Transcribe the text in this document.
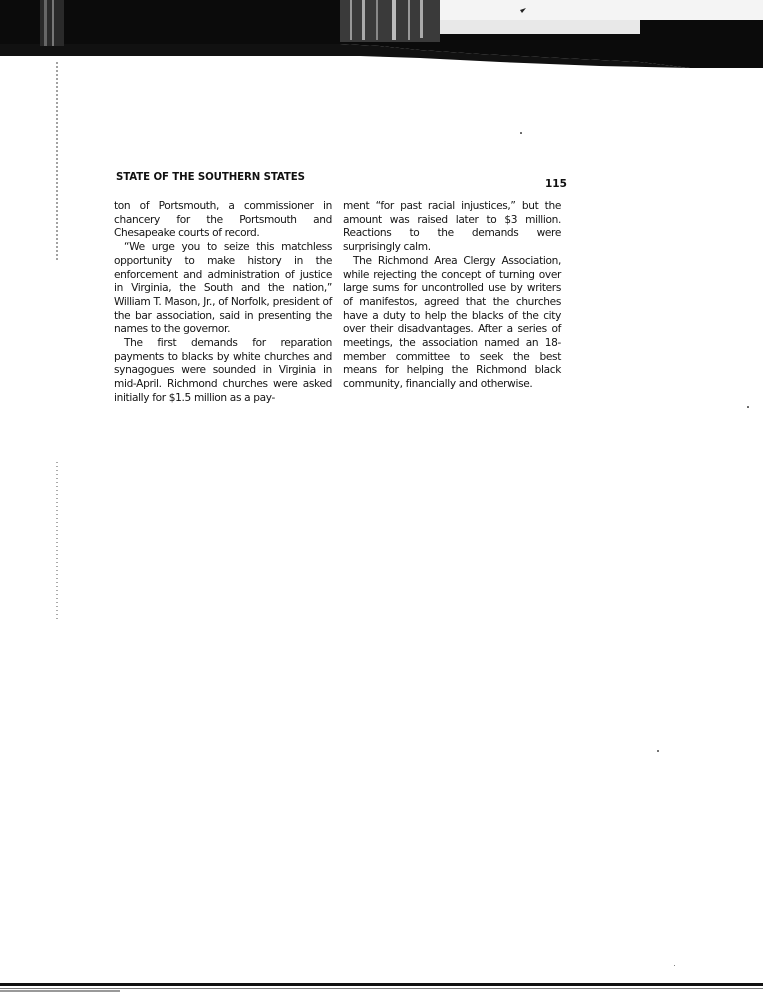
STATE OF THE SOUTHERN STATES
115

ton of Portsmouth, a commissioner in chancery for the Portsmouth and Chesapeake courts of record.

“We urge you to seize this matchless opportunity to make history in the enforcement and administration of justice in Virginia, the South and the nation,” William T. Mason, Jr., of Norfolk, president of the bar association, said in presenting the names to the governor.

The first demands for reparation payments to blacks by white churches and synagogues were sounded in Virginia in mid-April. Richmond churches were asked initially for $1.5 million as a pay-

ment “for past racial injustices,” but the amount was raised later to $3 million. Reactions to the demands were surprisingly calm.

The Richmond Area Clergy Association, while rejecting the concept of turning over large sums for uncontrolled use by writers of manifestos, agreed that the churches have a duty to help the blacks of the city over their disadvantages. After a series of meetings, the association named an 18-member committee to seek the best means for helping the Richmond black community, financially and otherwise.
